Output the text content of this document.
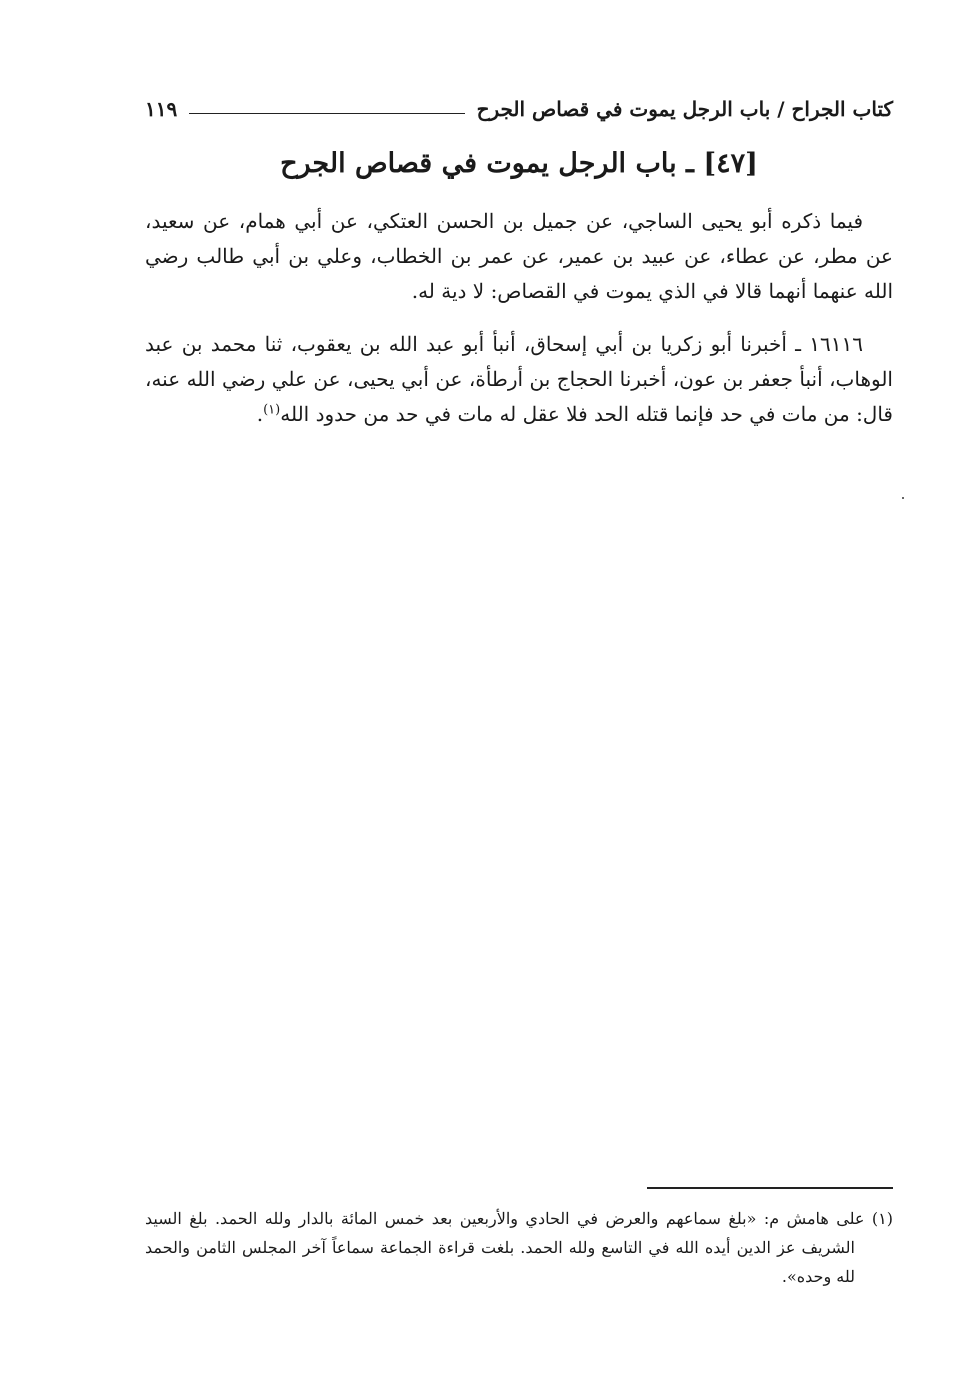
كتاب الجراح / باب الرجل يموت في قصاص الجرح
١١٩
[٤٧] ـ باب الرجل يموت في قصاص الجرح

فيما ذكره أبو يحيى الساجي، عن جميل بن الحسن العتكي، عن أبي همام، عن سعيد، عن مطر، عن عطاء، عن عبيد بن عمير، عن عمر بن الخطاب، وعلي بن أبي طالب رضي الله عنهما أنهما قالا في الذي يموت في القصاص: لا دية له.

١٦١١٦ ـ أخبرنا أبو زكريا بن أبي إسحاق، أنبأ أبو عبد الله بن يعقوب، ثنا محمد بن عبد الوهاب، أنبأ جعفر بن عون، أخبرنا الحجاج بن أرطأة، عن أبي يحيى، عن علي رضي الله عنه، قال: من مات في حد فإنما قتله الحد فلا عقل له مات في حد من حدود الله$^{(١)}$.

(١) على هامش م: «بلغ سماعهم والعرض في الحادي والأربعين بعد خمس المائة بالدار ولله الحمد. بلغ السيد الشريف عز الدين أيده الله في التاسع ولله الحمد. بلغت قراءة الجماعة سماعاً آخر المجلس الثامن والحمد لله وحده».
